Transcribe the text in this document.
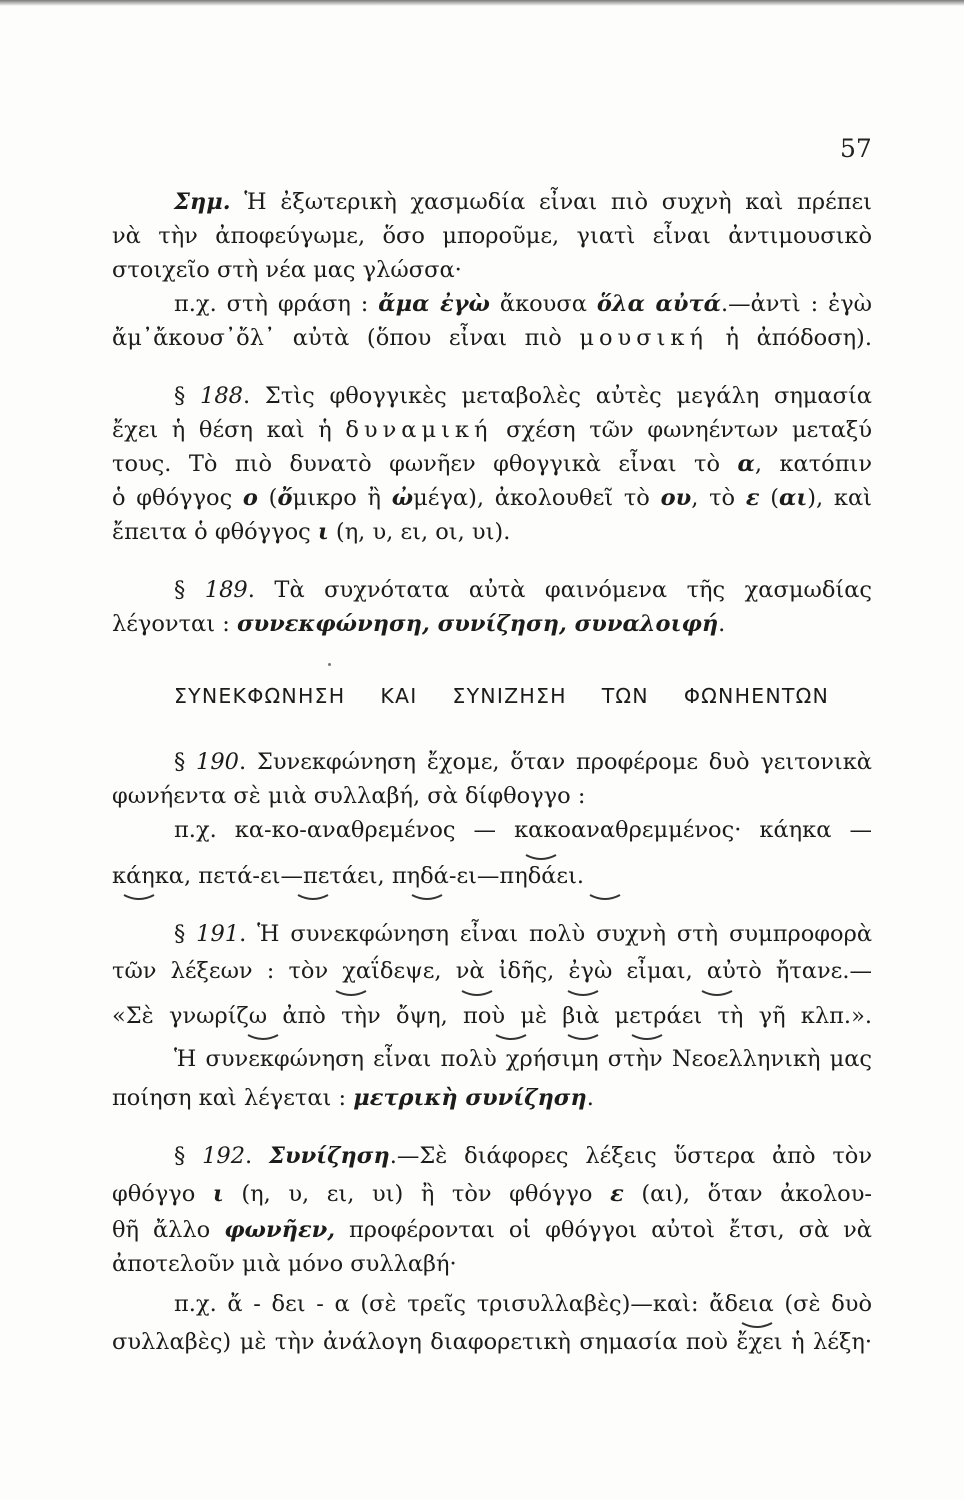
57
Σημ. Ἡ ἐξωτερικὴ χασμωδία εἶναι πιὸ συχνὴ καὶ πρέπει
νὰ τὴν ἀποφεύγωμε, ὅσο μποροῦμε, γιατὶ εἶναι ἀντιμουσικὸ
στοιχεῖο στὴ νέα μας γλώσσα·
π.χ. στὴ φράση : ἄμα ἐγὼ ἄκουσα ὅλα αὐτά.—ἀντὶ : ἐγὼ
ἄμ᾿ἄκουσ᾿ὄλ᾿ αὐτὰ (ὅπου εἶναι πιὸ μουσική ἡ ἀπόδοση).
§ 188. Στὶς φθογγικὲς μεταβολὲς αὐτὲς μεγάλη σημασία
ἔχει ἡ θέση καὶ ἡ δυναμική σχέση τῶν φωνηέντων μεταξύ
τους. Τὸ πιὸ δυνατὸ φωνῆεν φθογγικὰ εἶναι τὸ α, κατόπιν
ὁ φθόγγος ο (ὄμικρο ἢ ὠμέγα), ἀκολουθεῖ τὸ ου, τὸ ε (αι), καὶ
ἔπειτα ὁ φθόγγος ι (η, υ, ει, οι, υι).
§ 189. Τὰ συχνότατα αὐτὰ φαινόμενα τῆς χασμωδίας
λέγονται : συνεκφώνηση, συνίζηση, συναλοιφή.
ΣΥΝΕΚΦΩΝΗΣΗ ΚΑΙ ΣΥΝΙΖΗΣΗ ΤΩΝ ΦΩΝΗΕΝΤΩΝ
§ 190. Συνεκφώνηση ἔχομε, ὅταν προφέρομε δυὸ γειτονικὰ
φωνήεντα σὲ μιὰ συλλαβή, σὰ δίφθογγο :
π.χ. κα-κο-αναθρεμένος — κακοαναθρεμμένος· κάηκα —
κάηκα, πετά-ει—πετάει, πηδά-ει—πηδάει.
§ 191. Ἡ συνεκφώνηση εἶναι πολὺ συχνὴ στὴ συμπροφορὰ
τῶν λέξεων : τὸν χαΐδεψε, νὰ ἰδῆς, ἐγὼ εἶμαι, αὐτὸ ἤτανε.—
«Σὲ γνωρίζω ἀπὸ τὴν ὄψη, ποὺ μὲ βιὰ μετράει τὴ γῆ κλπ.».
Ἡ συνεκφώνηση εἶναι πολὺ χρήσιμη στὴν Νεοελληνικὴ μας
ποίηση καὶ λέγεται : μετρικὴ συνίζηση.
§ 192. Συνίζηση.—Σὲ διάφορες λέξεις ὕστερα ἀπὸ τὸν
φθόγγο ι (η, υ, ει, υι) ἢ τὸν φθόγγο ε (αι), ὅταν ἀκολου-
θῆ ἄλλο φωνῆεν, προφέρονται οἱ φθόγγοι αὐτοὶ ἔτσι, σὰ νὰ
ἀποτελοῦν μιὰ μόνο συλλαβή·
π.χ. ἄ - δει - α (σὲ τρεῖς τρισυλλαβὲς)—καὶ: ἄδεια (σὲ δυὸ
συλλαβὲς) μὲ τὴν ἀνάλογη διαφορετικὴ σημασία ποὺ ἔχει ἡ λέξη·
